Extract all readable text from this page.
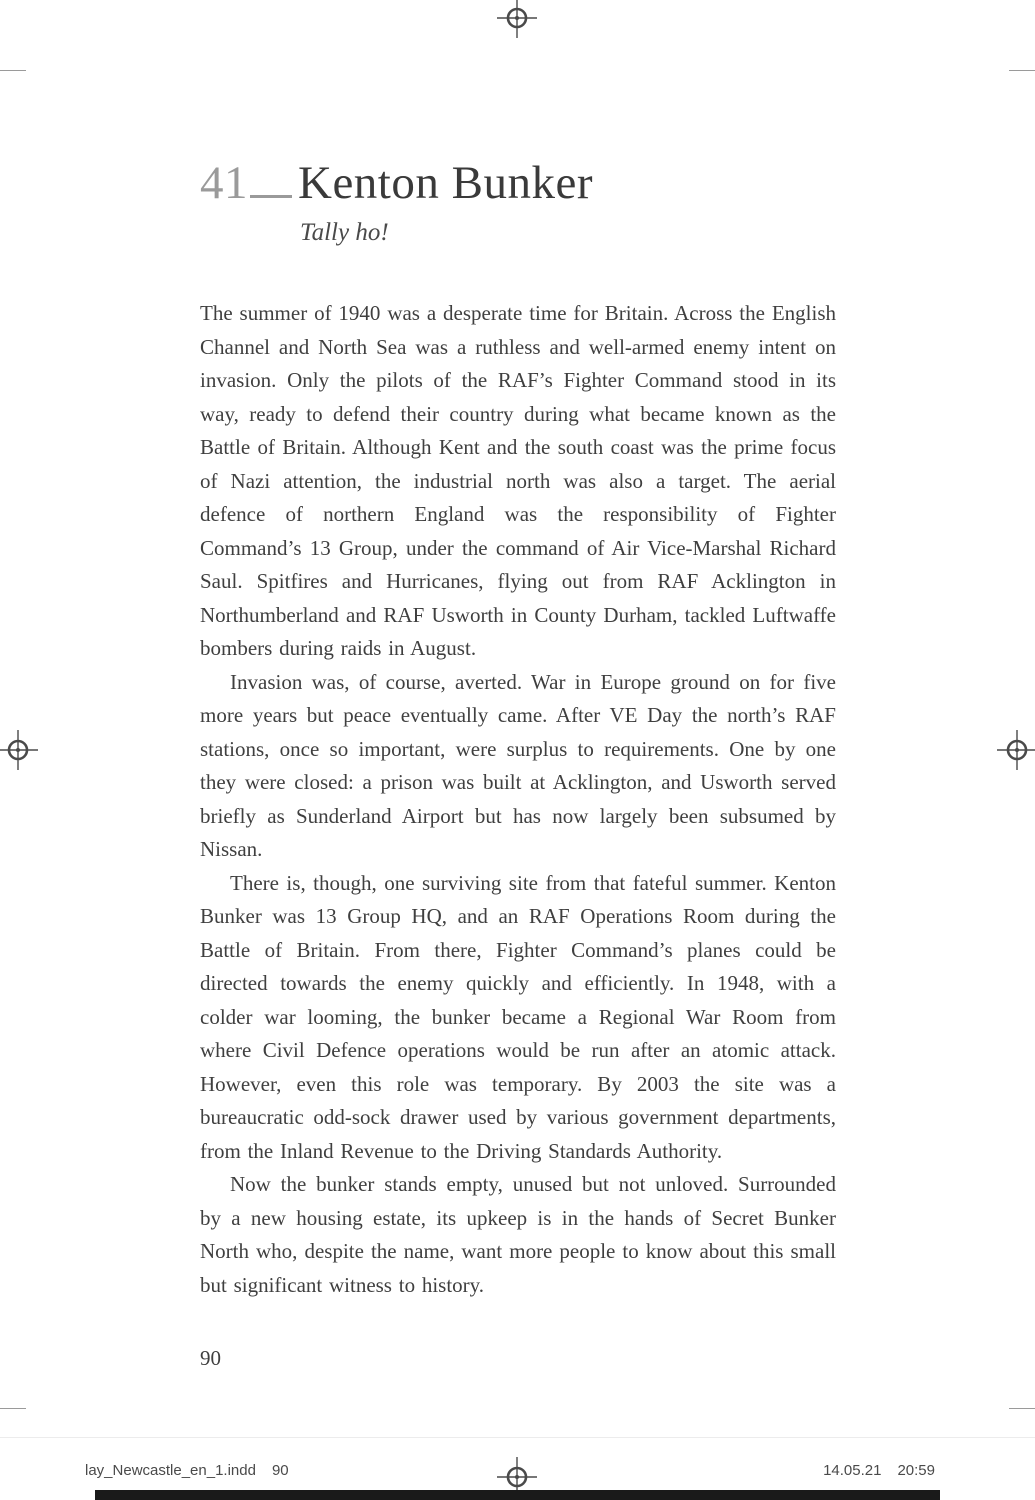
41 Kenton Bunker
Tally ho!

The summer of 1940 was a desperate time for Britain. Across the English Channel and North Sea was a ruthless and well-armed enemy intent on invasion. Only the pilots of the RAF’s Fighter Command stood in its way, ready to defend their country during what became known as the Battle of Britain. Although Kent and the south coast was the prime focus of Nazi attention, the industrial north was also a target. The aerial defence of northern England was the responsibility of Fighter Command’s 13 Group, under the command of Air Vice-Marshal Richard Saul. Spitfires and Hurricanes, flying out from RAF Acklington in Northumberland and RAF Usworth in County Durham, tackled Luftwaffe bombers during raids in August.

Invasion was, of course, averted. War in Europe ground on for five more years but peace eventually came. After VE Day the north’s RAF stations, once so important, were surplus to requirements. One by one they were closed: a prison was built at Acklington, and Usworth served briefly as Sunderland Airport but has now largely been subsumed by Nissan.

There is, though, one surviving site from that fateful summer. Kenton Bunker was 13 Group HQ, and an RAF Operations Room during the Battle of Britain. From there, Fighter Command’s planes could be directed towards the enemy quickly and efficiently. In 1948, with a colder war looming, the bunker became a Regional War Room from where Civil Defence operations would be run after an atomic attack. However, even this role was temporary. By 2003 the site was a bureaucratic odd-sock drawer used by various government departments, from the Inland Revenue to the Driving Standards Authority.

Now the bunker stands empty, unused but not unloved. Surrounded by a new housing estate, its upkeep is in the hands of Secret Bunker North who, despite the name, want more people to know about this small but significant witness to history.

90
lay_Newcastle_en_1.indd 90	14.05.21 20:59
